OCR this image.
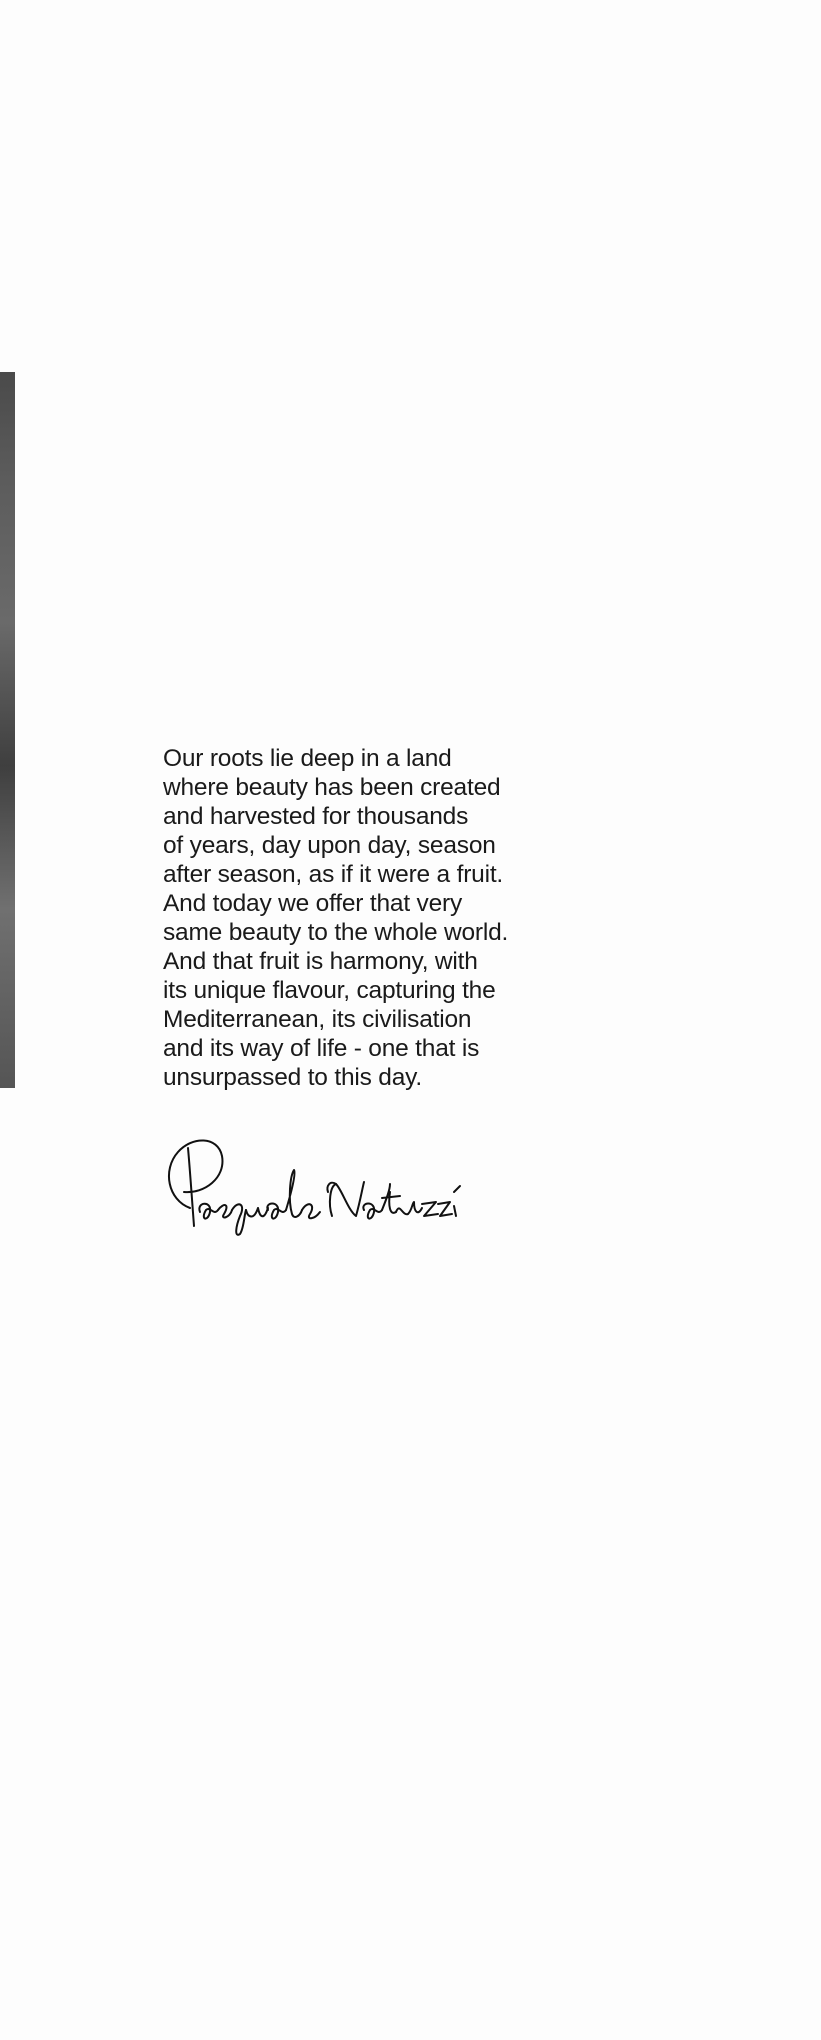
Our roots lie deep in a land
where beauty has been created
and harvested for thousands
of years, day upon day, season
after season, as if it were a fruit.
And today we offer that very
same beauty to the whole world.
And that fruit is harmony, with
its unique flavour, capturing the
Mediterranean, its civilisation
and its way of life - one that is
unsurpassed to this day.
